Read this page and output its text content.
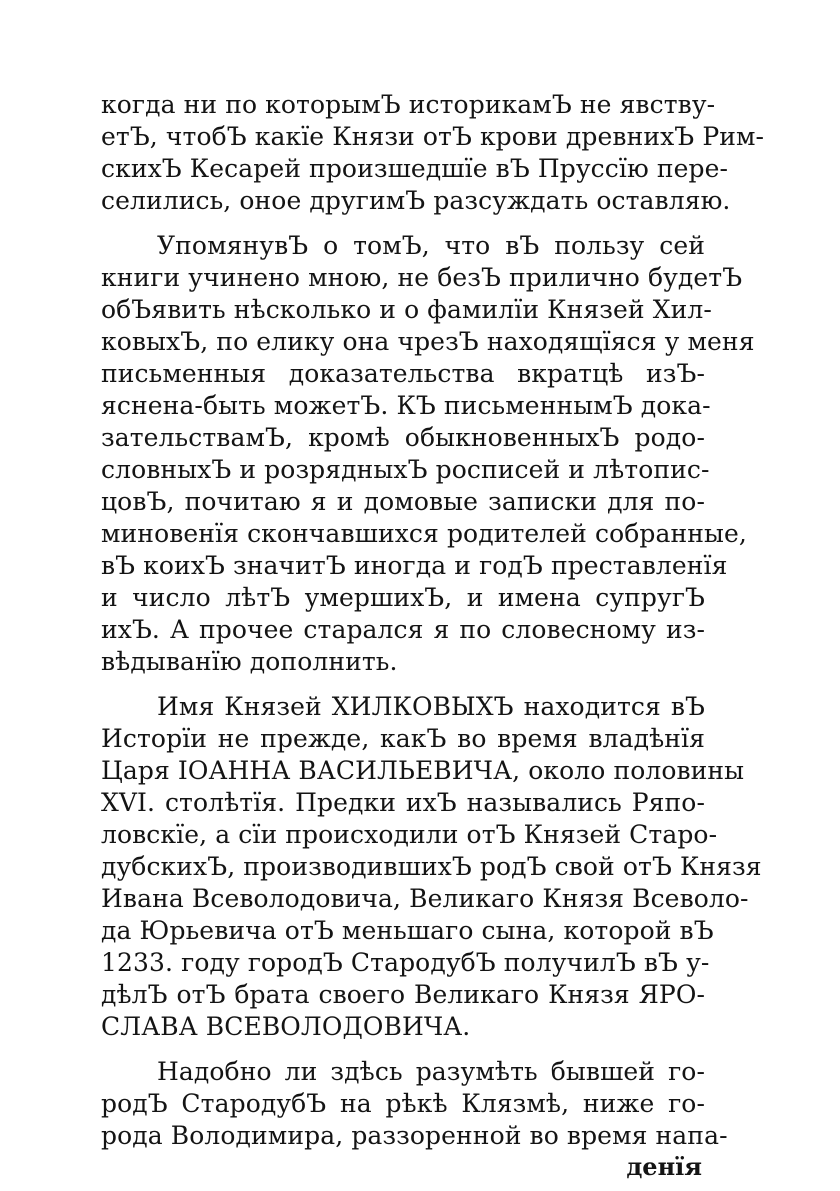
когда ни по которымЪ историкамЪ не явству-
етЪ, чтобЪ какїе Князи отЪ крови древнихЪ Рим-
скихЪ Кесарей произшедшїе вЪ Пруссїю пере-
селились, оное другимЪ разсуждать оставляю.
УпомянувЪ о томЪ, что вЪ пользу сей
книги учинено мною, не безЪ прилично будетЪ
обЪявить нѣсколько и о фамилїи Князей Хил-
ковыхЪ, по елику она чрезЪ находящїяся у меня
письменныя доказательства вкратцѣ изЪ-
яснена-быть можетЪ. КЪ письменнымЪ дока-
зательствамЪ, кромѣ обыкновенныхЪ родо-
словныхЪ и розрядныхЪ росписей и лѣтопис-
цовЪ, почитаю я и домовые записки для по-
миновенїя скончавшихся родителей собранные,
вЪ коихЪ значитЪ иногда и годЪ преставленїя
и число лѣтЪ умершихЪ, и имена супругЪ
ихЪ. А прочее старался я по словесному из-
вѣдыванїю дополнить.
Имя Князей ХИЛКОВЫХЪ находится вЪ
Исторїи не прежде, какЪ во время владѣнїя
Царя ІОАННА ВАСИЛЬЕВИЧА, около половины
XVI. столѣтїя. Предки ихЪ назывались Ряпо-
ловскїе, а сїи происходили отЪ Князей Старо-
дубскихЪ, производившихЪ родЪ свой отЪ Князя
Ивана Всеволодовича, Великаго Князя Всеволо-
да Юрьевича отЪ меньшаго сына, которой вЪ
1233. году городЪ СтародубЪ получилЪ вЪ у-
дѣлЪ отЪ брата своего Великаго Князя ЯРО-
СЛАВА ВСЕВОЛОДОВИЧА.
Надобно ли здѣсь разумѣть бывшей го-
родЪ СтародубЪ на рѣкѣ Клязмѣ, ниже го-
рода Володимира, раззоренной во время напа-
денїя
